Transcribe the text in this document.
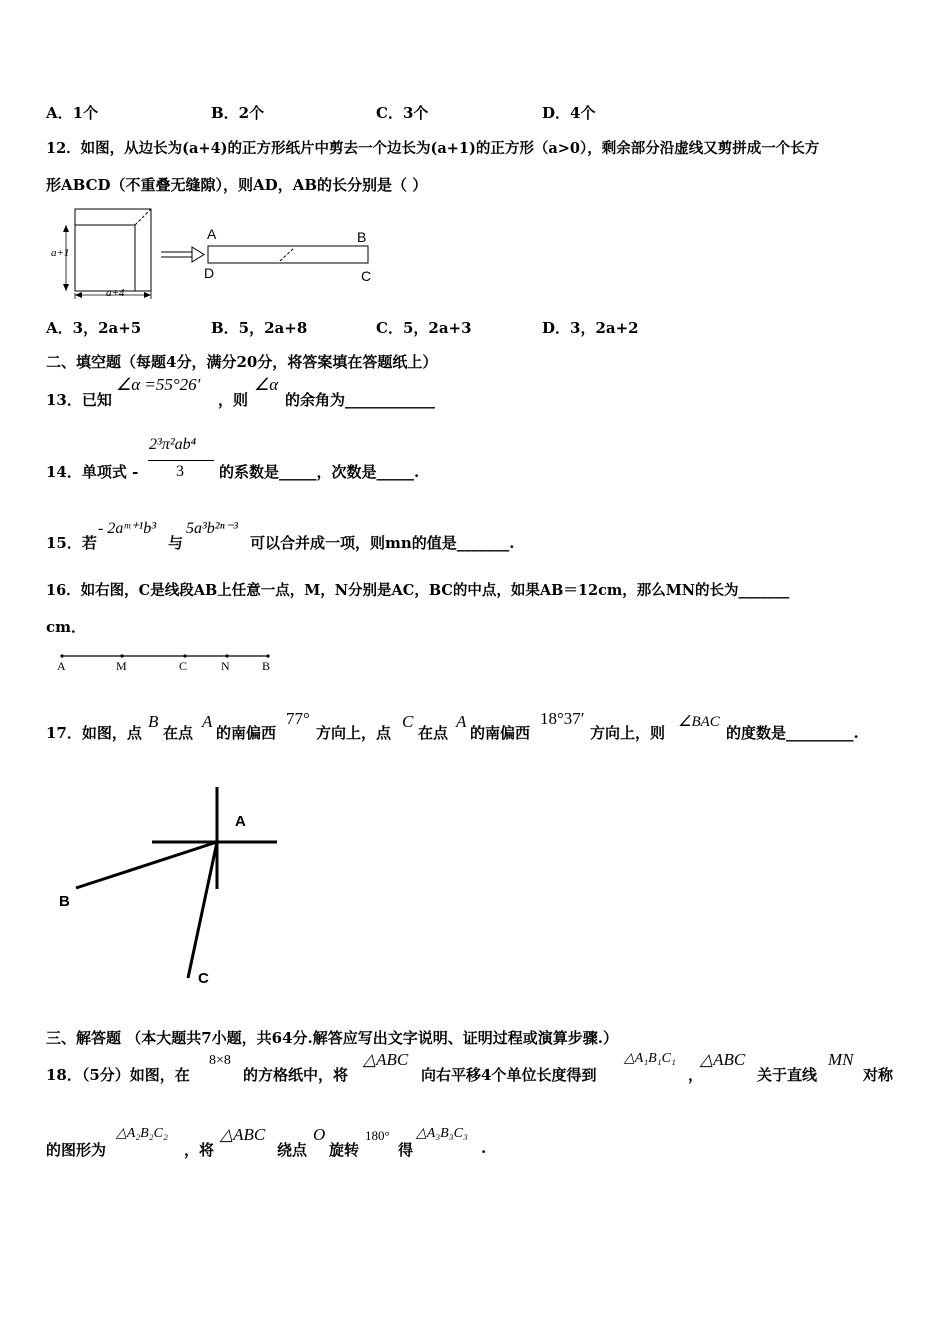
A．1个	B．2个	C．3个	D．4个
12．如图，从边长为(a+4)的正方形纸片中剪去一个边长为(a+1)的正方形（a>0），剩余部分沿虚线又剪拼成一个长方
形ABCD（不重叠无缝隙），则AD，AB的长分别是（ ）
a+1
a+4
A	B
D	C
A．3，2a+5	B．5，2a+8	C．5，2a+3	D．3，2a+2
二、填空题（每题4分，满分20分，将答案填在答题纸上）
13．已知
∠α =55°26′
，则
∠α
的余角为____________
14．单项式 -
2³π²ab⁴
3 的系数是_____，次数是_____.
15．若
- 2aᵐ⁺¹b³
与
5a³b²ⁿ⁻³
可以合并成一项，则mn的值是_______.
16．如右图，C是线段AB上任意一点，M，N分别是AC，BC的中点，如果AB＝12cm，那么MN的长为_______
cm．
A	M	C	N	B
17．如图，点
B
在点
A
的南偏西
77°
方向上，点
C
在点
A
的南偏西
18°37′
方向上，则
∠BAC
的度数是_________.
A
B
C
三、解答题 （本大题共7小题，共64分.解答应写出文字说明、证明过程或演算步骤.）
18．（5分）如图，在
8×8
的方格纸中，将
△ABC
向右平移4个单位长度得到
△A₁B₁C₁
，
△ABC
关于直线
MN
对称
的图形为
△A₂B₂C₂
，将
△ABC
绕点
O
旋转
180°
得
△A₃B₃C₃
.
